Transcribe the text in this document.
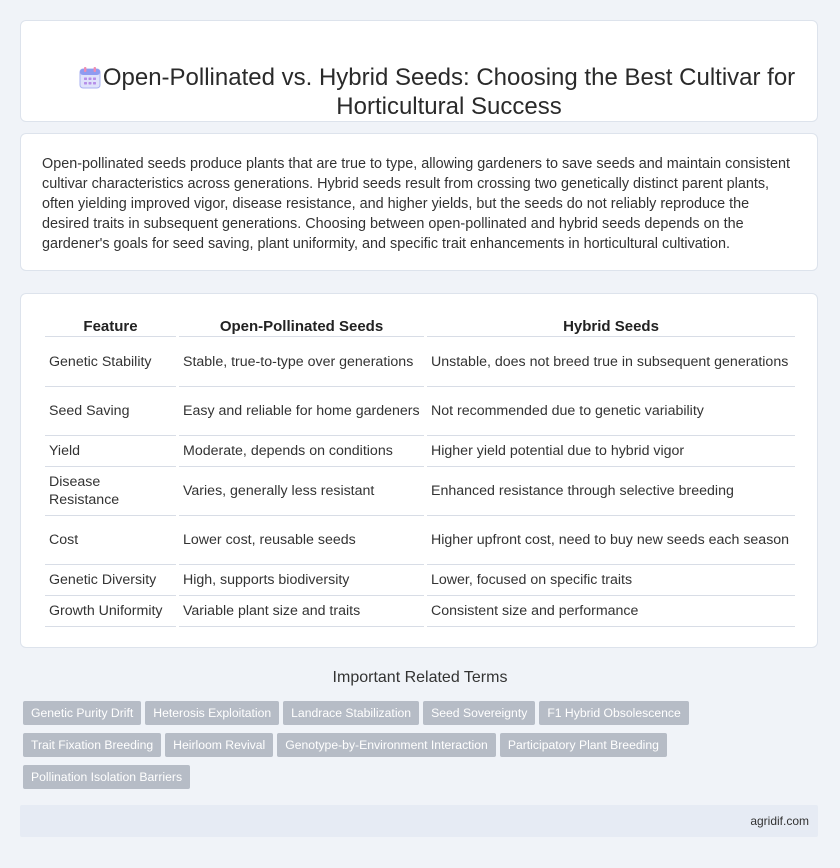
Open-Pollinated vs. Hybrid Seeds: Choosing the Best Cultivar for Horticultural Success

Open-pollinated seeds produce plants that are true to type, allowing gardeners to save seeds and maintain consistent cultivar characteristics across generations. Hybrid seeds result from crossing two genetically distinct parent plants, often yielding improved vigor, disease resistance, and higher yields, but the seeds do not reliably reproduce the desired traits in subsequent generations. Choosing between open-pollinated and hybrid seeds depends on the gardener's goals for seed saving, plant uniformity, and specific trait enhancements in horticultural cultivation.

Feature	Open-Pollinated Seeds	Hybrid Seeds
Genetic Stability	Stable, true-to-type over generations	Unstable, does not breed true in subsequent generations
Seed Saving	Easy and reliable for home gardeners	Not recommended due to genetic variability
Yield	Moderate, depends on conditions	Higher yield potential due to hybrid vigor
Disease Resistance	Varies, generally less resistant	Enhanced resistance through selective breeding
Cost	Lower cost, reusable seeds	Higher upfront cost, need to buy new seeds each season
Genetic Diversity	High, supports biodiversity	Lower, focused on specific traits
Growth Uniformity	Variable plant size and traits	Consistent size and performance
Important Related Terms
Genetic Purity Drift Heterosis Exploitation Landrace Stabilization Seed Sovereignty F1 Hybrid Obsolescence
Trait Fixation Breeding Heirloom Revival Genotype-by-Environment Interaction Participatory Plant Breeding
Pollination Isolation Barriers
agridif.com
